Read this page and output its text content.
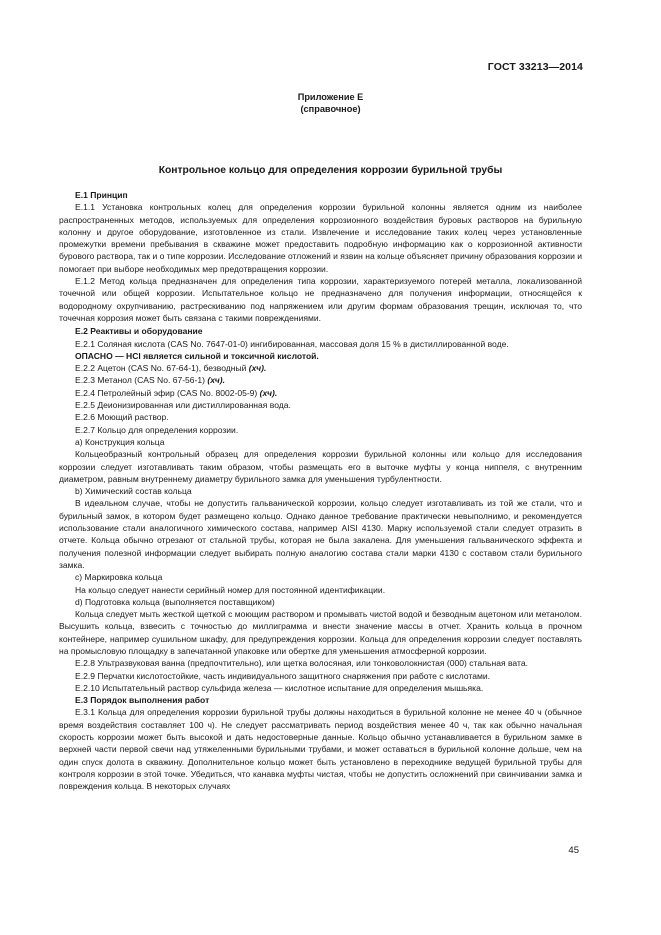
ГОСТ 33213—2014
Приложение Е
(справочное)
Контрольное кольцо для определения коррозии бурильной трубы

Е.1 Принцип

Е.1.1 Установка контрольных колец для определения коррозии бурильной колонны является одним из наиболее распространенных методов, используемых для определения коррозионного воздействия буровых растворов на бурильную колонну и другое оборудование, изготовленное из стали. Извлечение и исследование таких колец через установленные промежутки времени пребывания в скважине может предоставить подробную информацию как о коррозионной активности бурового раствора, так и о типе коррозии. Исследование отложений и язвин на кольце объясняет причину образования коррозии и помогает при выборе необходимых мер предотвращения коррозии.

Е.1.2 Метод кольца предназначен для определения типа коррозии, характеризуемого потерей металла, локализованной точечной или общей коррозии. Испытательное кольцо не предназначено для получения информации, относящейся к водородному охрупчиванию, растрескиванию под напряжением или другим формам образования трещин, исключая то, что точечная коррозия может быть связана с такими повреждениями.

Е.2 Реактивы и оборудование

Е.2.1 Соляная кислота (CAS No. 7647-01-0) ингибированная, массовая доля 15 % в дистиллированной воде.

ОПАСНО — HCl является сильной и токсичной кислотой.

Е.2.2 Ацетон (CAS No. 67-64-1), безводный (хч).

Е.2.3 Метанол (CAS No. 67-56-1) (хч).

Е.2.4 Петролейный эфир (CAS No. 8002-05-9) (хч).

Е.2.5 Деионизированная или дистиллированная вода.

Е.2.6 Моющий раствор.

Е.2.7 Кольцо для определения коррозии.

a) Конструкция кольца

Кольцеобразный контрольный образец для определения коррозии бурильной колонны или кольцо для исследования коррозии следует изготавливать таким образом, чтобы размещать его в выточке муфты у конца ниппеля, с внутренним диаметром, равным внутреннему диаметру бурильного замка для уменьшения турбулентности.

b) Химический состав кольца

В идеальном случае, чтобы не допустить гальванической коррозии, кольцо следует изготавливать из той же стали, что и бурильный замок, в котором будет размещено кольцо. Однако данное требование практически невыполнимо, и рекомендуется использование стали аналогичного химического состава, например AISI 4130. Марку используемой стали следует отразить в отчете. Кольца обычно отрезают от стальной трубы, которая не была закалена. Для уменьшения гальванического эффекта и получения полезной информации следует выбирать полную аналогию состава стали марки 4130 с составом стали бурильного замка.

c) Маркировка кольца

На кольцо следует нанести серийный номер для постоянной идентификации.

d) Подготовка кольца (выполняется поставщиком)

Кольца следует мыть жесткой щеткой с моющим раствором и промывать чистой водой и безводным ацетоном или метанолом. Высушить кольца, взвесить с точностью до миллиграмма и внести значение массы в отчет. Хранить кольца в прочном контейнере, например сушильном шкафу, для предупреждения коррозии. Кольца для определения коррозии следует поставлять на промысловую площадку в запечатанной упаковке или обертке для уменьшения атмосферной коррозии.

Е.2.8 Ультразвуковая ванна (предпочтительно), или щетка волосяная, или тонковолокнистая (000) стальная вата.

Е.2.9 Перчатки кислотостойкие, часть индивидуального защитного снаряжения при работе с кислотами.

Е.2.10 Испытательный раствор сульфида железа — кислотное испытание для определения мышьяка.

Е.3 Порядок выполнения работ

Е.3.1 Кольца для определения коррозии бурильной трубы должны находиться в бурильной колонне не менее 40 ч (обычное время воздействия составляет 100 ч). Не следует рассматривать период воздействия менее 40 ч, так как обычно начальная скорость коррозии может быть высокой и дать недостоверные данные. Кольцо обычно устанавливается в бурильном замке в верхней части первой свечи над утяжеленными бурильными трубами, и может оставаться в бурильной колонне дольше, чем на один спуск долота в скважину. Дополнительное кольцо может быть установлено в переходнике ведущей бурильной трубы для контроля коррозии в этой точке. Убедиться, что канавка муфты чистая, чтобы не допустить осложнений при свинчивании замка и повреждения кольца. В некоторых случаях

45
